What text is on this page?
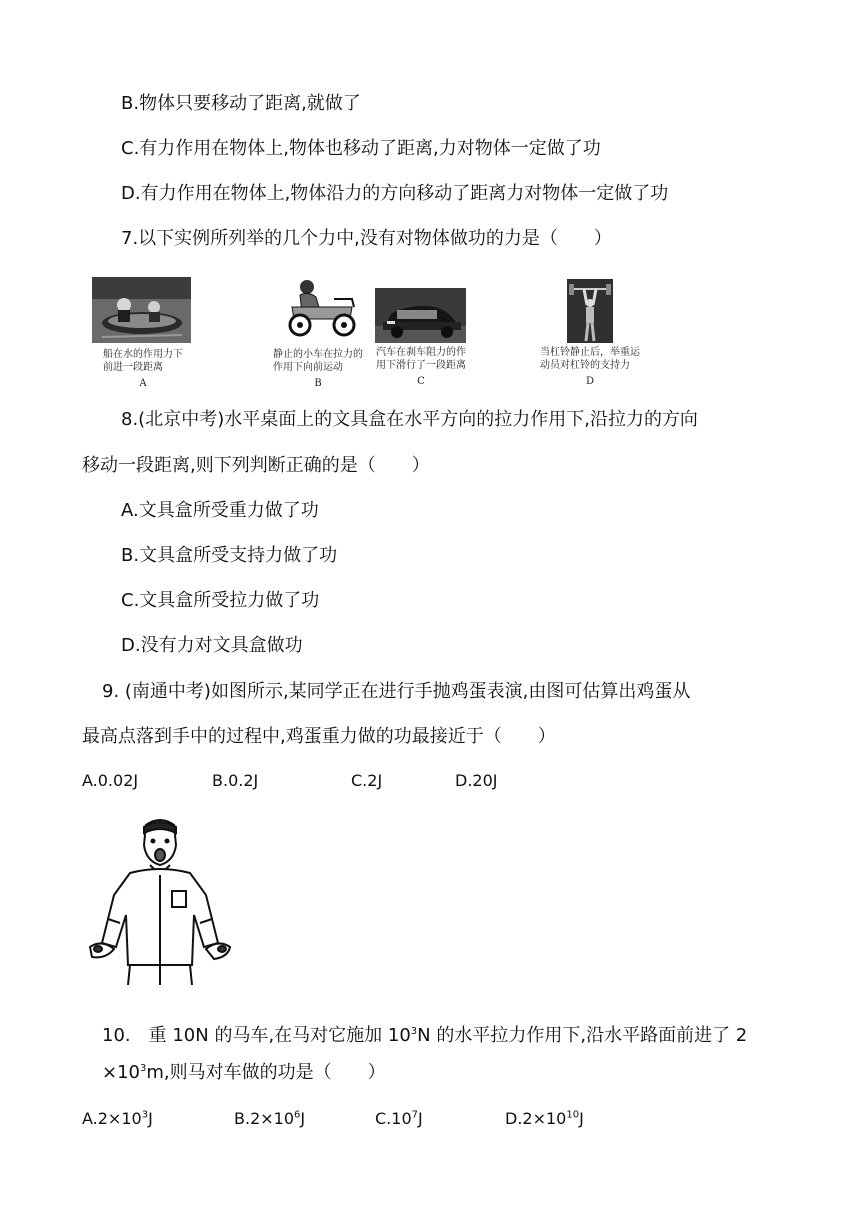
B.物体只要移动了距离,就做了
C.有力作用在物体上,物体也移动了距离,力对物体一定做了功
D.有力作用在物体上,物体沿力的方向移动了距离力对物体一定做了功
7.以下实例所列举的几个力中,没有对物体做功的力是（　　）
船在水的作用力下
前进一段距离
A
静止的小车在拉力的
作用下向前运动
B
汽车在刹车阻力的作
用下滑行了一段距离
C
当杠铃静止后，举重运
动员对杠铃的支持力
D
8.(北京中考)水平桌面上的文具盒在水平方向的拉力作用下,沿拉力的方向
移动一段距离,则下列判断正确的是（　　）
A.文具盒所受重力做了功
B.文具盒所受支持力做了功
C.文具盒所受拉力做了功
D.没有力对文具盒做功
9. (南通中考)如图所示,某同学正在进行手抛鸡蛋表演,由图可估算出鸡蛋从
最高点落到手中的过程中,鸡蛋重力做的功最接近于（　　）
A.0.02J	B.0.2J	C.2J	D.20J
10.　重 10N 的马车,在马对它施加 $10^3N$ 的水平拉力作用下,沿水平路面前进了 2
$\times 10^3m$,则马对车做的功是（　　）
$A.2\times 10^3J$	$B.2\times 10^6J$	$C.10^7J$	$D.2\times 10^{10}J$
